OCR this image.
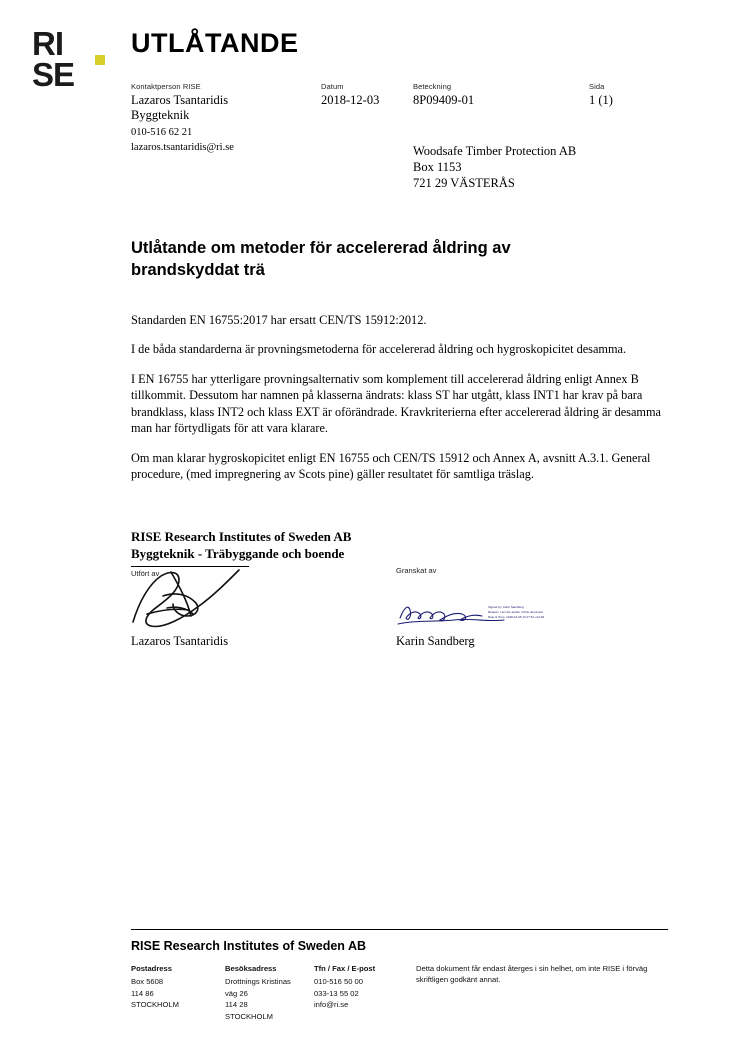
RI
SE
UTLÅTANDE
Kontaktperson RISE
Lazaros Tsantaridis
Byggteknik
010-516 62 21
lazaros.tsantaridis@ri.se
Datum
2018-12-03
Beteckning
8P09409-01
Sida
1 (1)
Woodsafe Timber Protection AB
Box 1153
721 29 VÄSTERÅS
Utlåtande om metoder för accelererad åldring av brandskyddat trä

Standarden EN 16755:2017 har ersatt CEN/TS 15912:2012.

I de båda standarderna är provningsmetoderna för accelererad åldring och hygroskopicitet desamma.

I EN 16755 har ytterligare provningsalternativ som komplement till accelererad åldring enligt Annex B tillkommit. Dessutom har namnen på klasserna ändrats: klass ST har utgått, klass INT1 har krav på bara brandklass, klass INT2 och klass EXT är oförändrade. Kravkriterierna efter accelererad åldring är desamma man har förtydligats för att vara klarare.

Om man klarar hygroskopicitet enligt EN 16755 och CEN/TS 15912 och Annex A, avsnitt A.3.1. General procedure, (med impregnering av Scots pine) gäller resultatet för samtliga träslag.

RISE Research Institutes of Sweden AB
Byggteknik - Träbyggande och boende
Utfört av
Lazaros Tsantaridis
Granskat av
Signed by: Karin Sandberg
Reason: I am the author of this document
Date & Time: 2018-12-05 13:17:51 +01:00
Karin Sandberg
RISE Research Institutes of Sweden AB
Postadress
Box 5608
114 86
STOCKHOLM
Besöksadress
Drottnings Kristinas
väg 26
114 28
STOCKHOLM
Tfn / Fax / E-post
010-516 50 00
033-13 55 02
info@ri.se
Detta dokument får endast återges i sin helhet, om inte RISE i förväg skriftligen godkänt annat.
